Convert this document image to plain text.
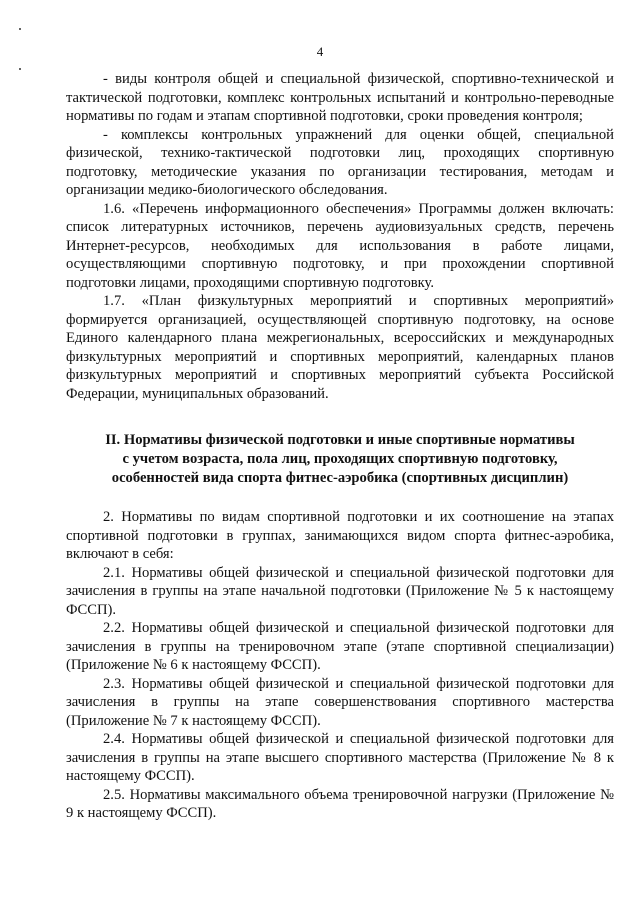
4

- виды контроля общей и специальной физической, спортивно-технической и тактической подготовки, комплекс контрольных испытаний и контрольно-переводные нормативы по годам и этапам спортивной подготовки, сроки проведения контроля;

- комплексы контрольных упражнений для оценки общей, специальной физической, технико-тактической подготовки лиц, проходящих спортивную подготовку, методические указания по организации тестирования, методам и организации медико-биологического обследования.

1.6. «Перечень информационного обеспечения» Программы должен включать: список литературных источников, перечень аудиовизуальных средств, перечень Интернет-ресурсов, необходимых для использования в работе лицами, осуществляющими спортивную подготовку, и при прохождении спортивной подготовки лицами, проходящими спортивную подготовку.

1.7. «План физкультурных мероприятий и спортивных мероприятий» формируется организацией, осуществляющей спортивную подготовку, на основе Единого календарного плана межрегиональных, всероссийских и международных физкультурных мероприятий и спортивных мероприятий, календарных планов физкультурных мероприятий и спортивных мероприятий субъекта Российской Федерации, муниципальных образований.

II. Нормативы физической подготовки и иные спортивные нормативы
с учетом возраста, пола лиц, проходящих спортивную подготовку,
особенностей вида спорта фитнес-аэробика (спортивных дисциплин)

2. Нормативы по видам спортивной подготовки и их соотношение на этапах спортивной подготовки в группах, занимающихся видом спорта фитнес-аэробика, включают в себя:

2.1. Нормативы общей физической и специальной физической подготовки для зачисления в группы на этапе начальной подготовки (Приложение № 5 к настоящему ФССП).

2.2. Нормативы общей физической и специальной физической подготовки для зачисления в группы на тренировочном этапе (этапе спортивной специализации) (Приложение № 6 к настоящему ФССП).

2.3. Нормативы общей физической и специальной физической подготовки для зачисления в группы на этапе совершенствования спортивного мастерства (Приложение № 7 к настоящему ФССП).

2.4. Нормативы общей физической и специальной физической подготовки для зачисления в группы на этапе высшего спортивного мастерства (Приложение № 8 к настоящему ФССП).

2.5. Нормативы максимального объема тренировочной нагрузки (Приложение № 9 к настоящему ФССП).
